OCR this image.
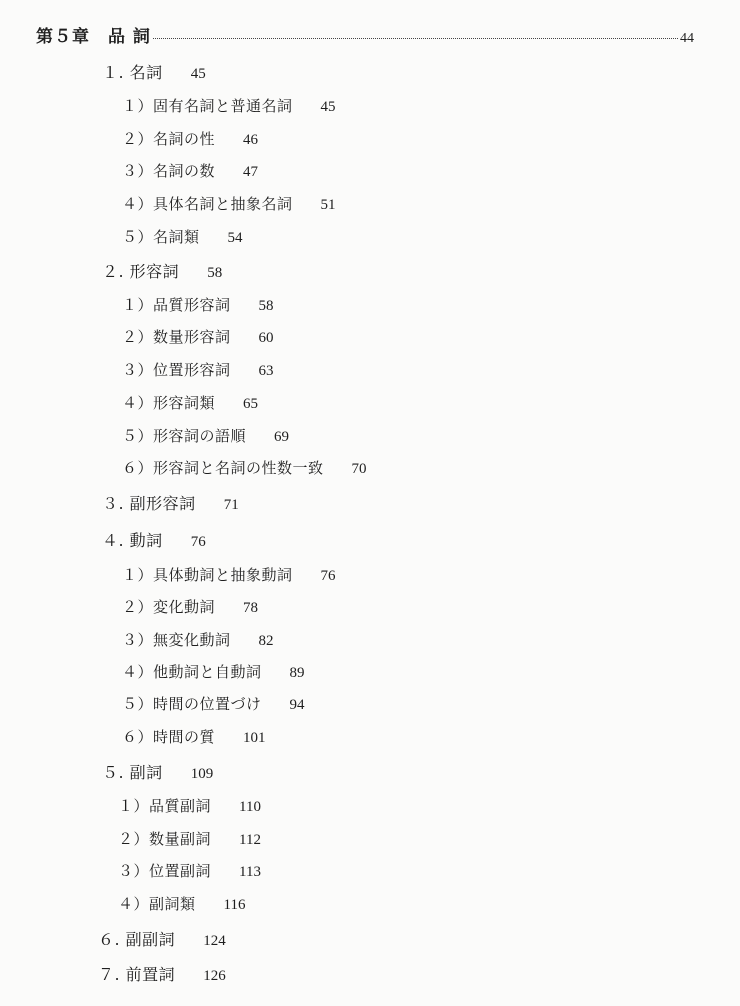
第５章　品 詞	44
１. 名詞 45
１）固有名詞と普通名詞 45
２）名詞の性 46
３）名詞の数 47
４）具体名詞と抽象名詞 51
５）名詞類 54
２. 形容詞 58
１）品質形容詞 58
２）数量形容詞 60
３）位置形容詞 63
４）形容詞類 65
５）形容詞の語順 69
６）形容詞と名詞の性数一致 70
３. 副形容詞 71
４. 動詞 76
１）具体動詞と抽象動詞 76
２）変化動詞 78
３）無変化動詞 82
４）他動詞と自動詞 89
５）時間の位置づけ 94
６）時間の質 101
５. 副詞 109
１）品質副詞 110
２）数量副詞 112
３）位置副詞 113
４）副詞類 116
６. 副副詞 124
７. 前置詞 126
